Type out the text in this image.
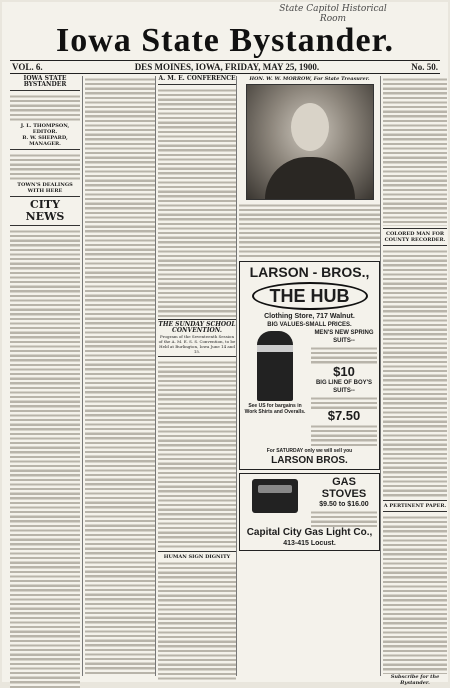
State Capitol Historical Room
Iowa State Bystander.
VOL. 6.	DES MOINES, IOWA, FRIDAY, MAY 25, 1900.	No. 50.
IOWA STATE BYSTANDER
J. L. THOMPSON, EDITOR.
B. W. SHEPARD, MANAGER.
TOWN'S DEALINGS WITH HERE
CITY NEWS
A. M. E. CONFERENCE
THE SUNDAY SCHOOL CONVENTION.
Program of the Seventeenth Session of the A. M. E. S. S. Convention, to be Held at Burlington, Iowa June 14 and 15.
HUMAN SIGN DIGNITY
HON. W. W. MORROW, For State Treasurer.
LARSON - BROS.,
THE HUB
Clothing Store, 717 Walnut.
BIG VALUES-SMALL PRICES.
See US for bargains in Work Shirts and Overalls.
MEN'S NEW SPRING SUITS--
$10
BIG LINE OF BOY'S SUITS--
$7.50
For SATURDAY only we will sell you
LARSON BROS.
GAS STOVES
$9.50 to $16.00
Capital City Gas Light Co.,
413-415 Locust.
COLORED MAN FOR COUNTY RECORDER.
A PERTINENT PAPER.
Subscribe for the Bystander.
